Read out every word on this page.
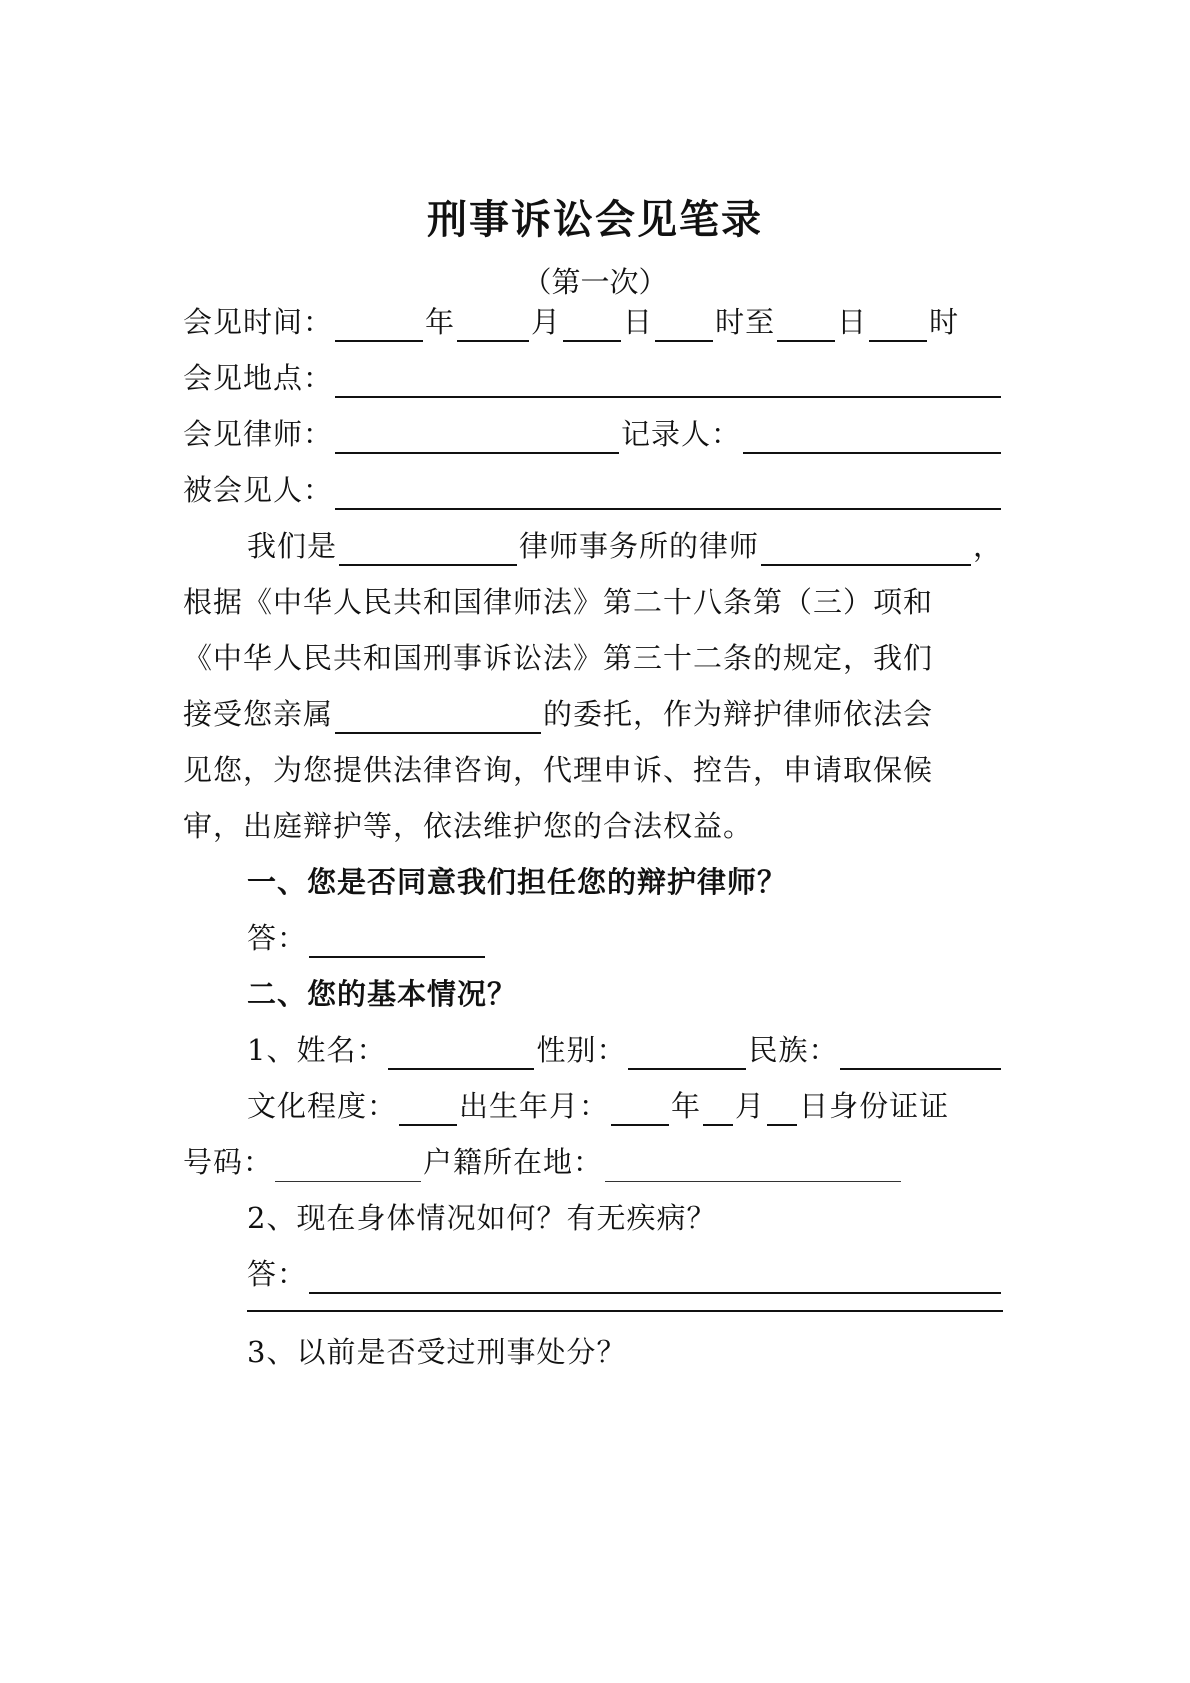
刑事诉讼会见笔录
（第一次）
会见时间：	年	月 日 时至 日 时
会见地点：
会见律师：	记录人：
被会见人：
我们是	律师事务所的律师	，
根据《中华人民共和国律师法》第二十八条第（三）项和
《中华人民共和国刑事诉讼法》第三十二条的规定，我们
接受您亲属	的委托，作为辩护律师依法会
见您，为您提供法律咨询，代理申诉、控告，申请取保候
审，出庭辩护等，依法维护您的合法权益。
一、您是否同意我们担任您的辩护律师？
答：
二、您的基本情况？
1、姓名：	性别：	民族：
文化程度： 出生年月： 年 月 日身份证证
号码：	户籍所在地：
2、现在身体情况如何？有无疾病？
答：
3、以前是否受过刑事处分？
